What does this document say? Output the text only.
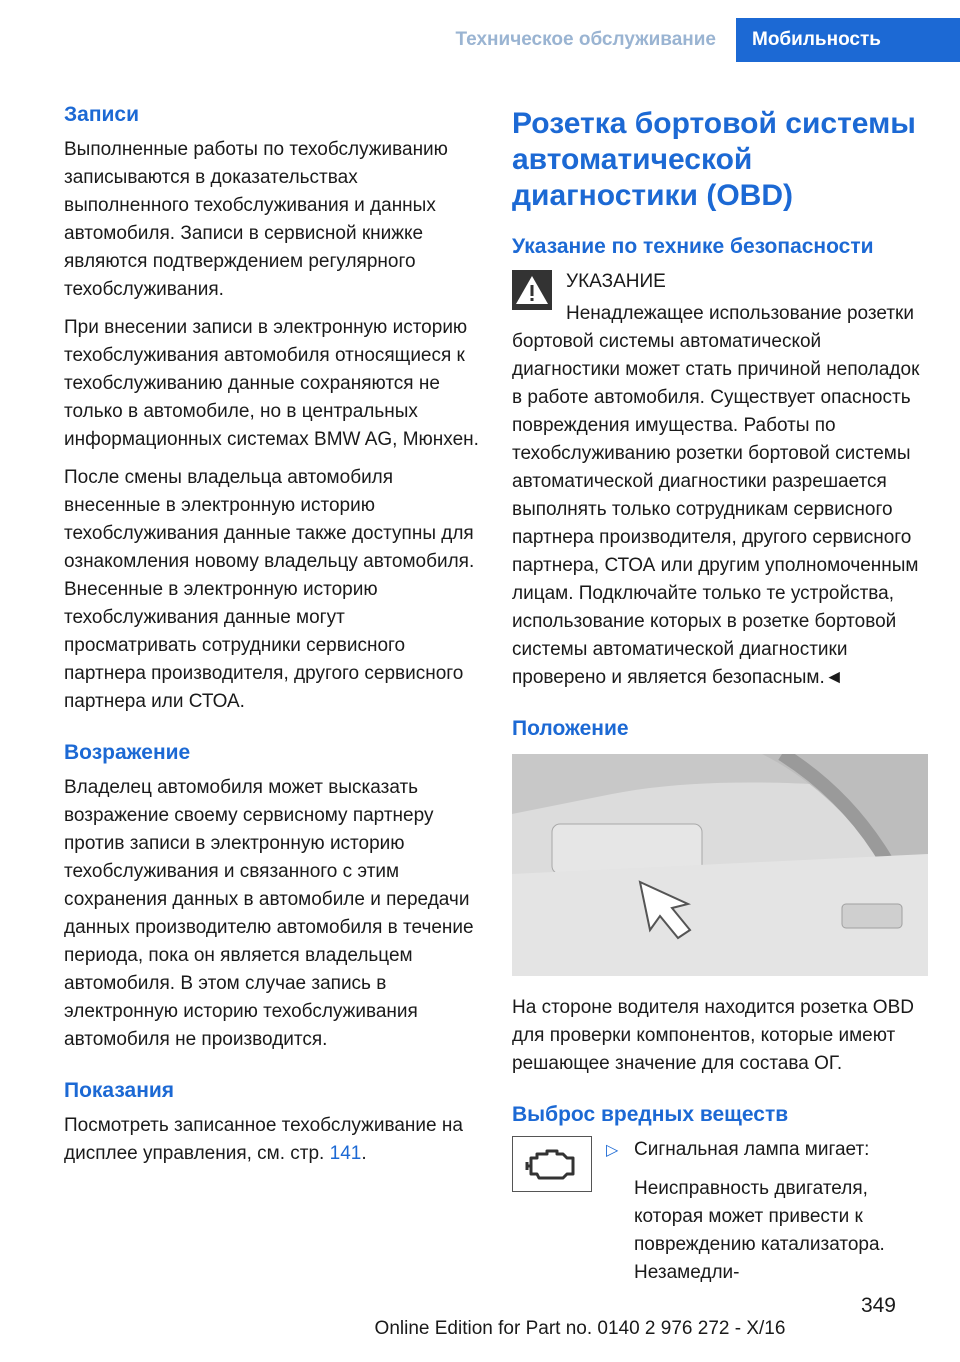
Техническое обслуживание	Мобильность
Записи

Выполненные работы по техобслуживанию записываются в доказательствах выполненного техобслуживания и данных автомобиля. Записи в сервисной книжке являются подтверждением регулярного техобслуживания.

При внесении записи в электронную историю техобслуживания автомобиля относящиеся к техобслуживанию данные сохраняются не только в автомобиле, но в центральных информационных системах BMW AG, Мюнхен.

После смены владельца автомобиля внесенные в электронную историю техобслуживания данные также доступны для ознакомления новому владельцу автомобиля. Внесенные в электронную историю техобслуживания данные могут просматривать сотрудники сервисного партнера производителя, другого сервисного партнера или СТОА.

Возражение

Владелец автомобиля может высказать возражение своему сервисному партнеру против записи в электронную историю техобслуживания и связанного с этим сохранения данных в автомобиле и передачи данных производителю автомобиля в течение периода, пока он является владельцем автомобиля. В этом случае запись в электронную историю техобслуживания автомобиля не производится.

Показания

Посмотреть записанное техобслуживание на дисплее управления, см. стр. 141.

Розетка бортовой системы автоматической диагностики (OBD)
Указание по технике безопасности

УКАЗАНИЕ

Ненадлежащее использование розетки бортовой системы автоматической диагностики может стать причиной неполадок в работе автомобиля. Существует опасность повреждения имущества. Работы по техобслуживанию розетки бортовой системы автоматической диагностики разрешается выполнять только сотрудникам сервисного партнера производителя, другого сервисного партнера, СТОА или другим уполномоченным лицам. Подключайте только те устройства, использование которых в розетке бортовой системы автоматической диагностики проверено и является безопасным.◄

Положение

На стороне водителя находится розетка OBD для проверки компонентов, которые имеют решающее значение для состава ОГ.

Выброс вредных веществ

▷ Сигнальная лампа мигает:

Неисправность двигателя, которая может привести к повреждению катализатора. Незамедли-

349
Online Edition for Part no. 0140 2 976 272 - X/16
